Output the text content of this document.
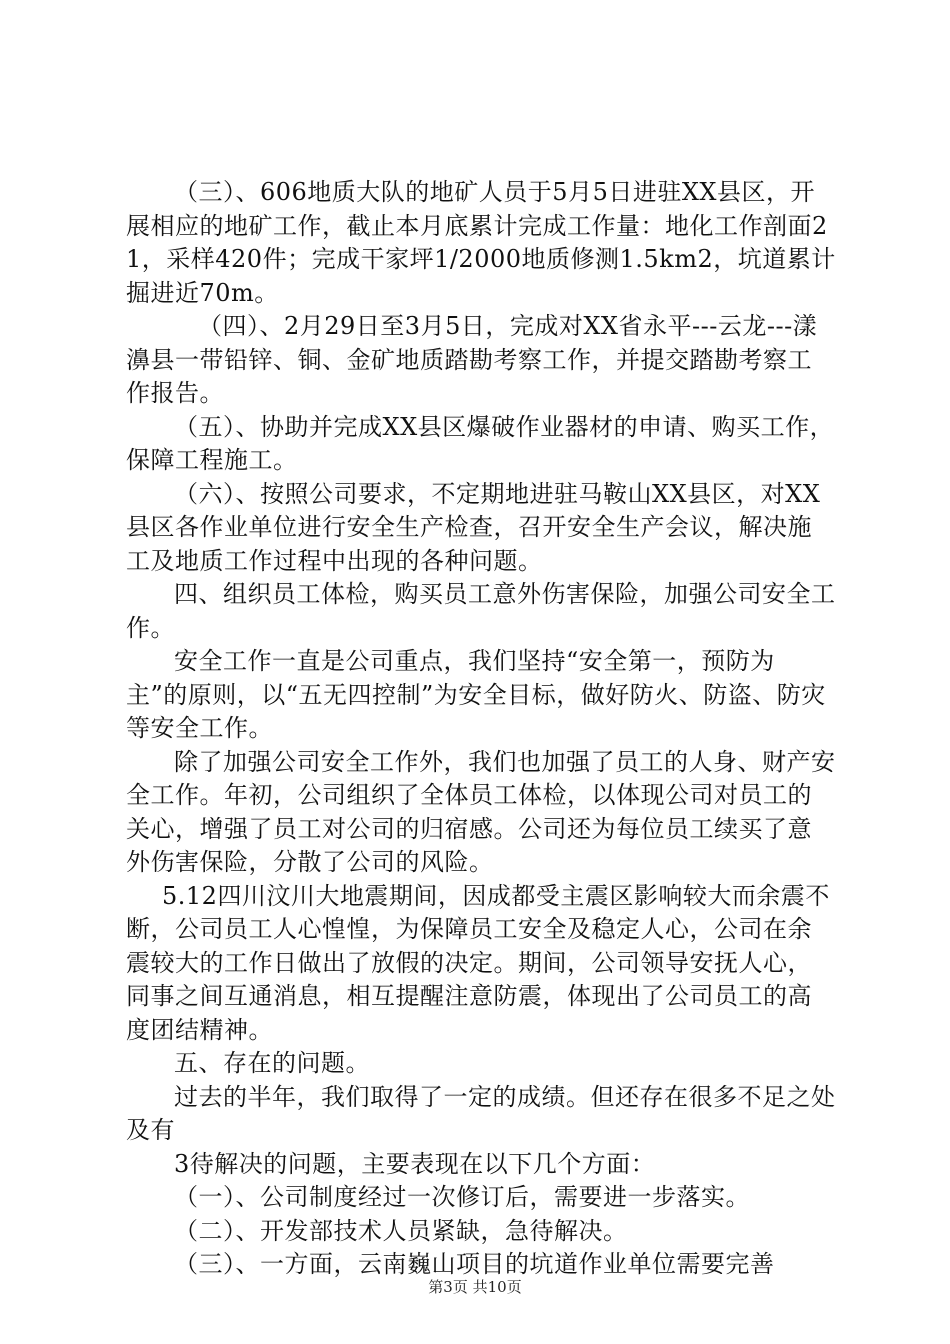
（三）、606地质大队的地矿人员于5月5日进驻XX县区，开展相应的地矿工作，截止本月底累计完成工作量：地化工作剖面21，采样420件；完成干家坪1/2000地质修测1.5km2，坑道累计掘进近70m。

（四）、2月29日至3月5日，完成对XX省永平---云龙---漾濞县一带铅锌、铜、金矿地质踏勘考察工作，并提交踏勘考察工作报告。

（五）、协助并完成XX县区爆破作业器材的申请、购买工作，保障工程施工。

（六）、按照公司要求，不定期地进驻马鞍山XX县区，对XX县区各作业单位进行安全生产检查，召开安全生产会议，解决施工及地质工作过程中出现的各种问题。

四、组织员工体检，购买员工意外伤害保险，加强公司安全工作。

安全工作一直是公司重点，我们坚持“安全第一，预防为主”的原则，以“五无四控制”为安全目标，做好防火、防盗、防灾等安全工作。

除了加强公司安全工作外，我们也加强了员工的人身、财产安全工作。年初，公司组织了全体员工体检，以体现公司对员工的关心，增强了员工对公司的归宿感。公司还为每位员工续买了意外伤害保险，分散了公司的风险。

5.12四川汶川大地震期间，因成都受主震区影响较大而余震不断，公司员工人心惶惶，为保障员工安全及稳定人心，公司在余震较大的工作日做出了放假的决定。期间，公司领导安抚人心，同事之间互通消息，相互提醒注意防震，体现出了公司员工的高度团结精神。

五、存在的问题。

过去的半年，我们取得了一定的成绩。但还存在很多不足之处及有

3待解决的问题，主要表现在以下几个方面：

（一）、公司制度经过一次修订后，需要进一步落实。

（二）、开发部技术人员紧缺，急待解决。

（三）、一方面，云南巍山项目的坑道作业单位需要完善

第3页 共10页
